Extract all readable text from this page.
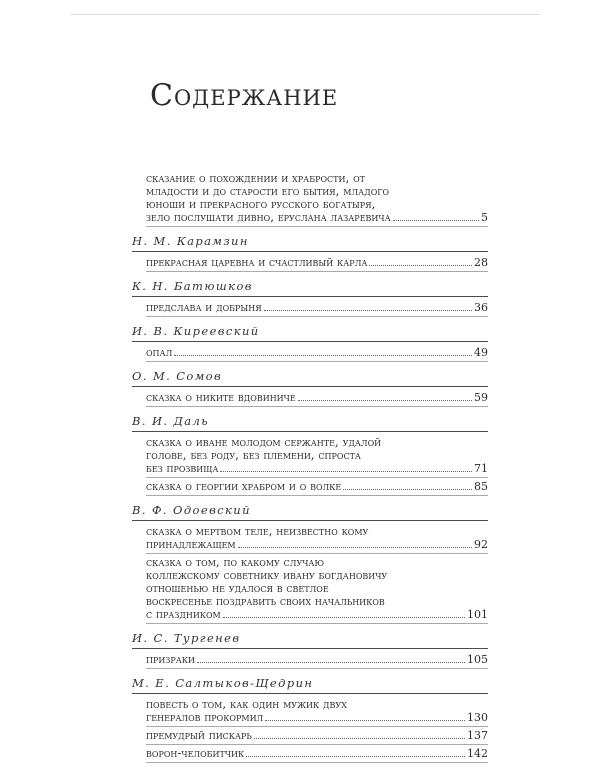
Содержание
сказание о похождении и храбрости, от
младости и до старости его бытия, младого
юноши и прекрасного русского богатыря,
зело послушати дивно, еруслана лазаревича	5
Н. М. Карамзин
прекрасная царевна и счастливый карла	28
К. Н. Батюшков
предслава и добрыня	36
И. В. Киреевский
опал	49
О. М. Сомов
сказка о никите вдовиниче	59
В. И. Даль
сказка о иване молодом сержанте, удалой
голове, без роду, без племени, спроста
без прозвища	71
сказка о георгии храбром и о волке	85
В. Ф. Одоевский
сказка о мертвом теле, неизвестно кому
принадлежащем	92
сказка о том, по какому случаю
коллежскому советнику ивану богдановичу
отношенью не удалося в светлое
воскресенье поздравить своих начальников
с праздником	101
И. С. Тургенев
призраки	105
М. Е. Салтыков-Щедрин
повесть о том, как один мужик двух
генералов прокормил	130
премудрый пискарь	137
ворон-челобитчик	142
